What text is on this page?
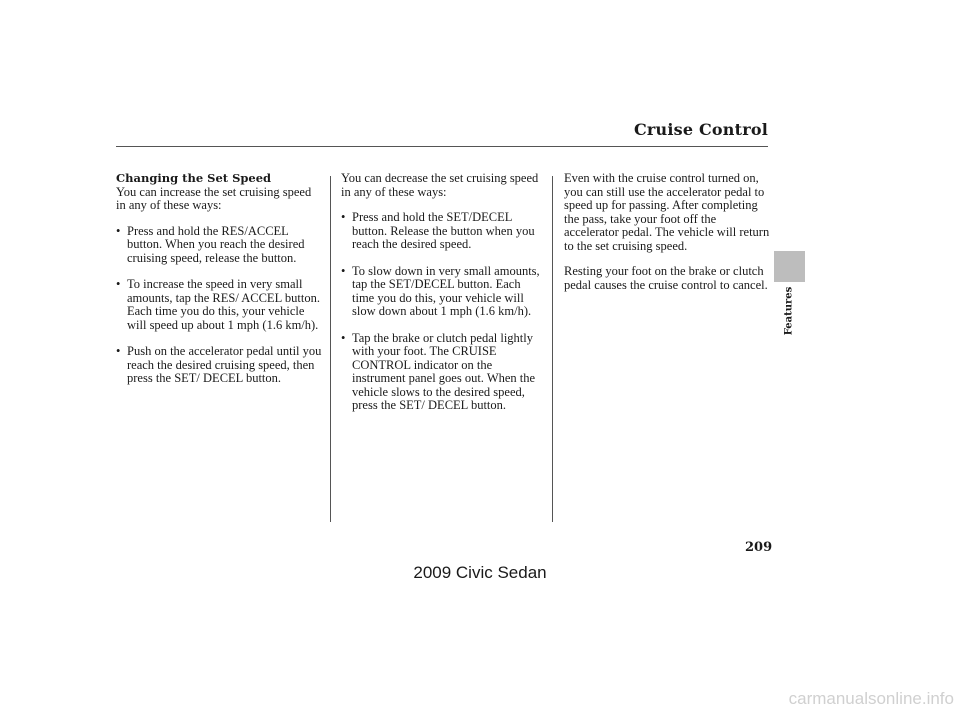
Cruise Control
Features
Changing the Set Speed
You can increase the set cruising speed in any of these ways:
• Press and hold the RES/ACCEL button. When you reach the desired cruising speed, release the button.
• To increase the speed in very small amounts, tap the RES/ ACCEL button. Each time you do this, your vehicle will speed up about 1 mph (1.6 km/h).
• Push on the accelerator pedal until you reach the desired cruising speed, then press the SET/ DECEL button.
You can decrease the set cruising speed in any of these ways:
• Press and hold the SET/DECEL button. Release the button when you reach the desired speed.
• To slow down in very small amounts, tap the SET/DECEL button. Each time you do this, your vehicle will slow down about 1 mph (1.6 km/h).
• Tap the brake or clutch pedal lightly with your foot. The CRUISE CONTROL indicator on the instrument panel goes out. When the vehicle slows to the desired speed, press the SET/ DECEL button.

Even with the cruise control turned on, you can still use the accelerator pedal to speed up for passing. After completing the pass, take your foot off the accelerator pedal. The vehicle will return to the set cruising speed.

Resting your foot on the brake or clutch pedal causes the cruise control to cancel.

209
2009 Civic Sedan
carmanualsonline.info
